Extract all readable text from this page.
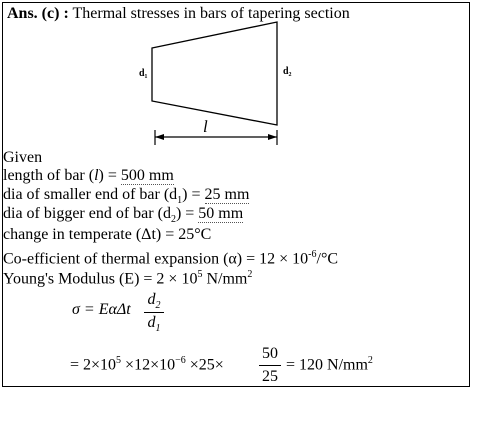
Ans. (c) : Thermal stresses in bars of tapering section
d₁	d₂
l
Given
length of bar (l) = 500 mm
dia of smaller end of bar $(d_1) = 25$ mm
dia of bigger end of bar $(d_2) = 50$ mm
change in temperate (Δt) = 25°C
Co-efficient of thermal expansion $(\alpha) = 12 \times 10^{-6}/^\circ C$
Young's Modulus $(E) = 2 \times 10^5$ $N/mm^2$
σ = EαΔt
$d_2$
$d_1$
= $2\times 10^5 \times 12\times 10^{-6} \times 25\times$
50
25
= 120 $N/mm^2$
